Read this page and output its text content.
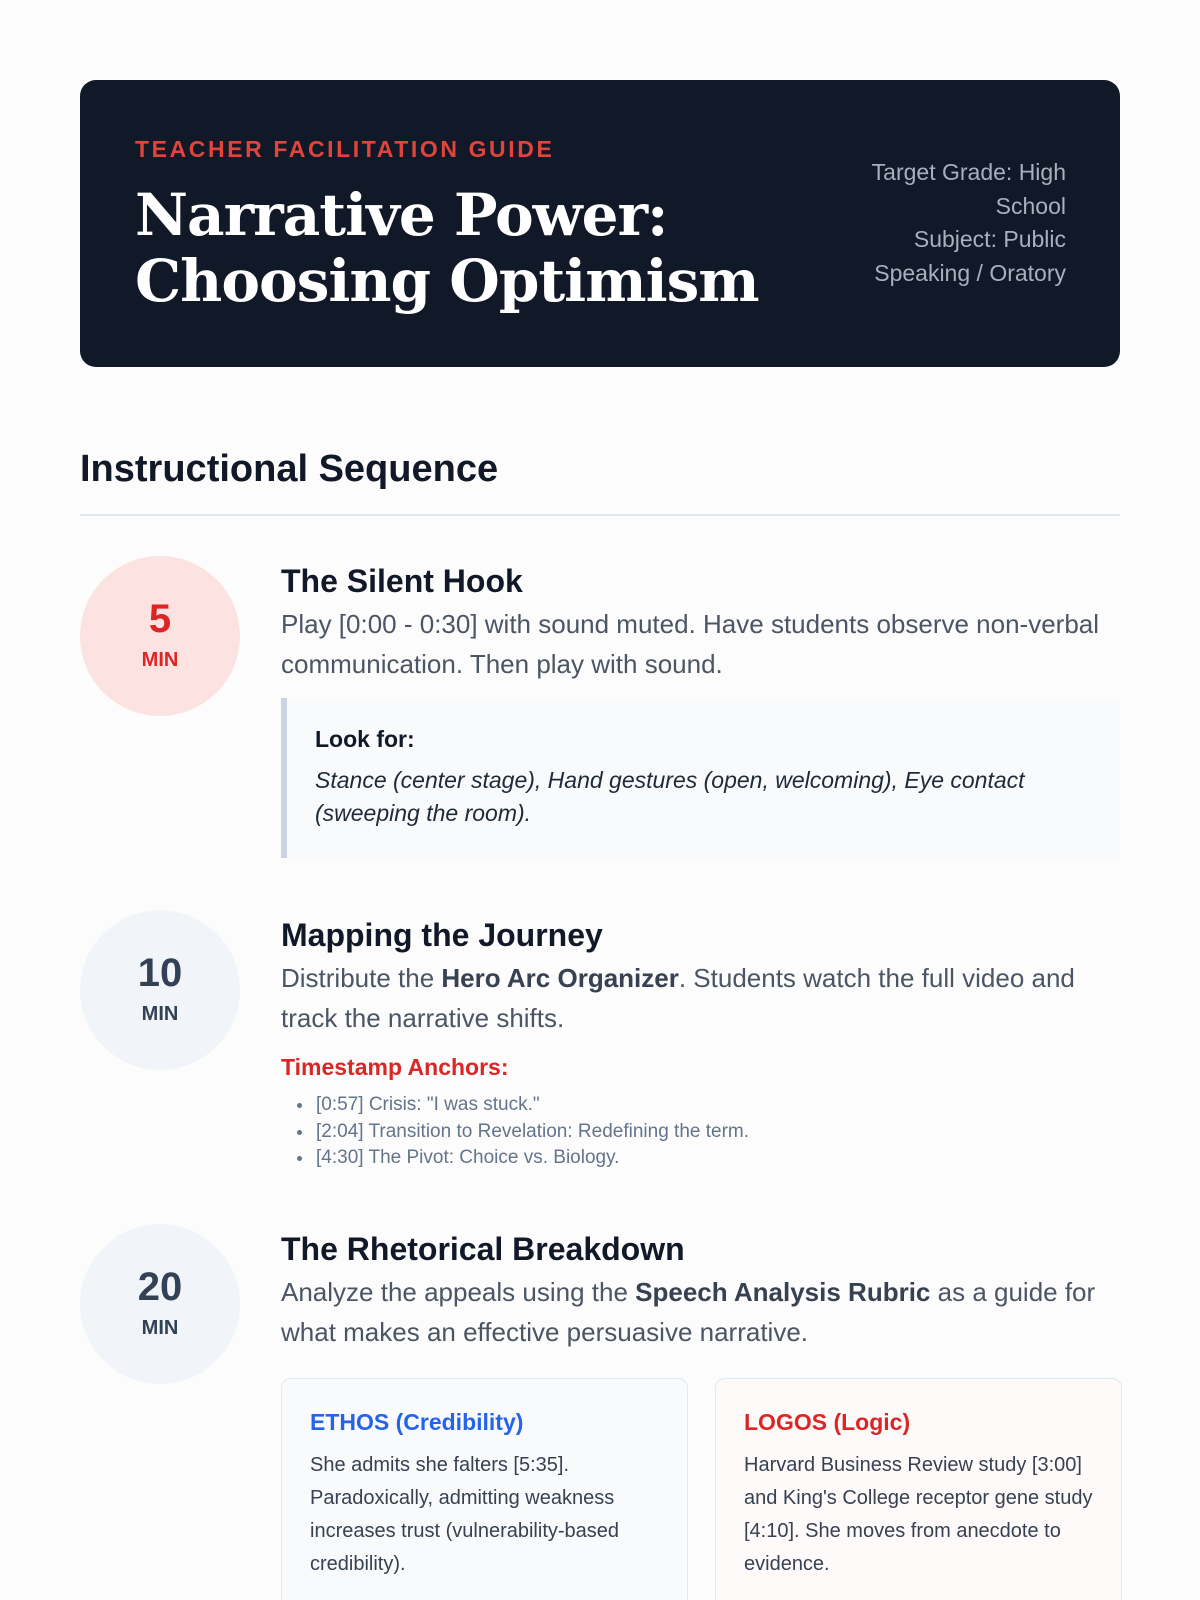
TEACHER FACILITATION GUIDE
Narrative Power: Choosing Optimism
Target Grade: High School
Subject: Public Speaking / Oratory
Instructional Sequence
5
MIN
The Silent Hook
Play [0:00 - 0:30] with sound muted. Have students observe non-verbal communication. Then play with sound.
Look for:
Stance (center stage), Hand gestures (open, welcoming), Eye contact (sweeping the room).
10
MIN
Mapping the Journey
Distribute the Hero Arc Organizer. Students watch the full video and track the narrative shifts.
Timestamp Anchors:
• [0:57] Crisis: "I was stuck."
• [2:04] Transition to Revelation: Redefining the term.
• [4:30] The Pivot: Choice vs. Biology.
20
MIN
The Rhetorical Breakdown
Analyze the appeals using the Speech Analysis Rubric as a guide for what makes an effective persuasive narrative.
ETHOS (Credibility)
She admits she falters [5:35]. Paradoxically, admitting weakness increases trust (vulnerability-based credibility).
LOGOS (Logic)
Harvard Business Review study [3:00] and King's College receptor gene study [4:10]. She moves from anecdote to evidence.
